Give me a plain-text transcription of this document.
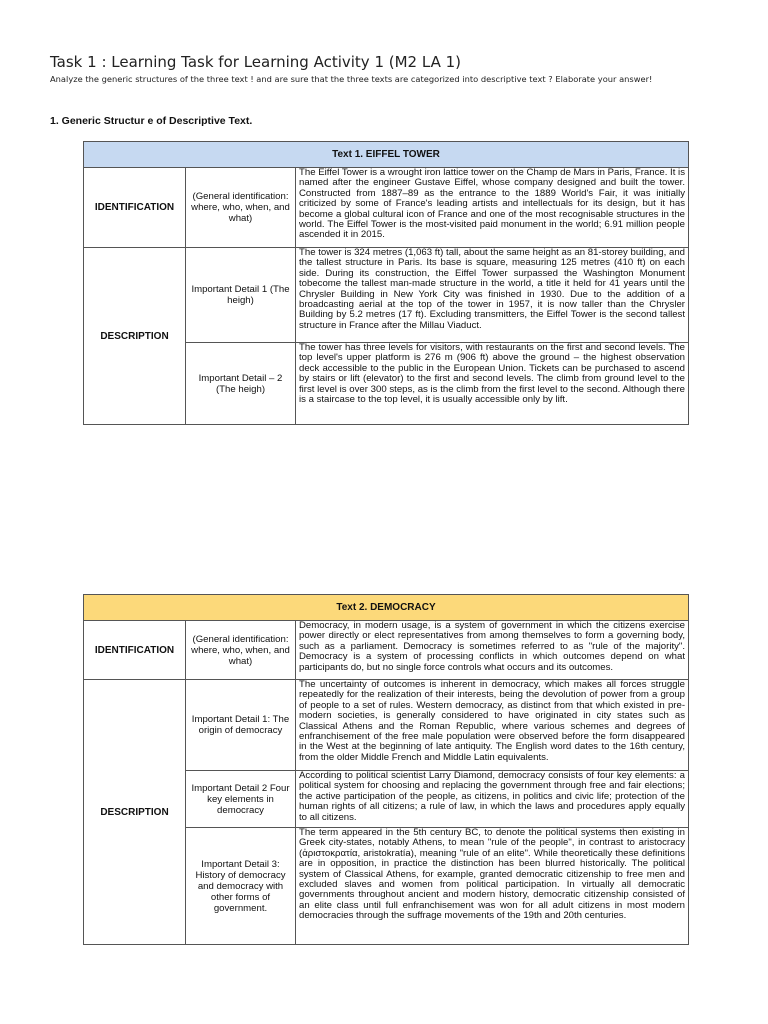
Task 1 : Learning Task for Learning Activity 1 (M2 LA 1)

Analyze the generic structures of the three text ! and are sure that the three texts are categorized into descriptive text ? Elaborate your answer!

1. Generic Structur e of Descriptive Text.

Text 1. EIFFEL TOWER		
IDENTIFICATION	(General identification: where, who, when, and what)	The Eiffel Tower is a wrought iron lattice tower on the Champ de Mars in Paris, France. It is named after the engineer Gustave Eiffel, whose company designed and built the tower. Constructed from 1887–89 as the entrance to the 1889 World's Fair, it was initially criticized by some of France's leading artists and intellectuals for its design, but it has become a global cultural icon of France and one of the most recognisable structures in the world. The Eiffel Tower is the most-visited paid monument in the world; 6.91 million people ascended it in 2015.
DESCRIPTION	Important Detail 1 (The heigh)	The tower is 324 metres (1,063 ft) tall, about the same height as an 81-storey building, and the tallest structure in Paris. Its base is square, measuring 125 metres (410 ft) on each side. During its construction, the Eiffel Tower surpassed the Washington Monument tobecome the tallest man-made structure in the world, a title it held for 41 years until the Chrysler Building in New York City was finished in 1930. Due to the addition of a broadcasting aerial at the top of the tower in 1957, it is now taller than the Chrysler Building by 5.2 metres (17 ft). Excluding transmitters, the Eiffel Tower is the second tallest structure in France after the Millau Viaduct.
	Important Detail – 2 (The heigh)	The tower has three levels for visitors, with restaurants on the first and second levels. The top level's upper platform is 276 m (906 ft) above the ground – the highest observation deck accessible to the public in the European Union. Tickets can be purchased to ascend by stairs or lift (elevator) to the first and second levels. The climb from ground level to the first level is over 300 steps, as is the climb from the first level to the second. Although there is a staircase to the top level, it is usually accessible only by lift.
Text 2. DEMOCRACY		
IDENTIFICATION	(General identification: where, who, when, and what)	Democracy, in modern usage, is a system of government in which the citizens exercise power directly or elect representatives from among themselves to form a governing body, such as a parliament. Democracy is sometimes referred to as "rule of the majority". Democracy is a system of processing conflicts in which outcomes depend on what participants do, but no single force controls what occurs and its outcomes.
DESCRIPTION	Important Detail 1: The origin of democracy	The uncertainty of outcomes is inherent in democracy, which makes all forces struggle repeatedly for the realization of their interests, being the devolution of power from a group of people to a set of rules. Western democracy, as distinct from that which existed in pre-modern societies, is generally considered to have originated in city states such as Classical Athens and the Roman Republic, where various schemes and degrees of enfranchisement of the free male population were observed before the form disappeared in the West at the beginning of late antiquity. The English word dates to the 16th century, from the older Middle French and Middle Latin equivalents.
	Important Detail 2 Four key elements in democracy	According to political scientist Larry Diamond, democracy consists of four key elements: a political system for choosing and replacing the government through free and fair elections; the active participation of the people, as citizens, in politics and civic life; protection of the human rights of all citizens; a rule of law, in which the laws and procedures apply equally to all citizens.
	Important Detail 3: History of democracy and democracy with other forms of government.	The term appeared in the 5th century BC, to denote the political systems then existing in Greek city-states, notably Athens, to mean "rule of the people", in contrast to aristocracy (ἀριστοκρατία, aristokratía), meaning "rule of an elite". While theoretically these definitions are in opposition, in practice the distinction has been blurred historically. The political system of Classical Athens, for example, granted democratic citizenship to free men and excluded slaves and women from political participation. In virtually all democratic governments throughout ancient and modern history, democratic citizenship consisted of an elite class until full enfranchisement was won for all adult citizens in most modern democracies through the suffrage movements of the 19th and 20th centuries.
